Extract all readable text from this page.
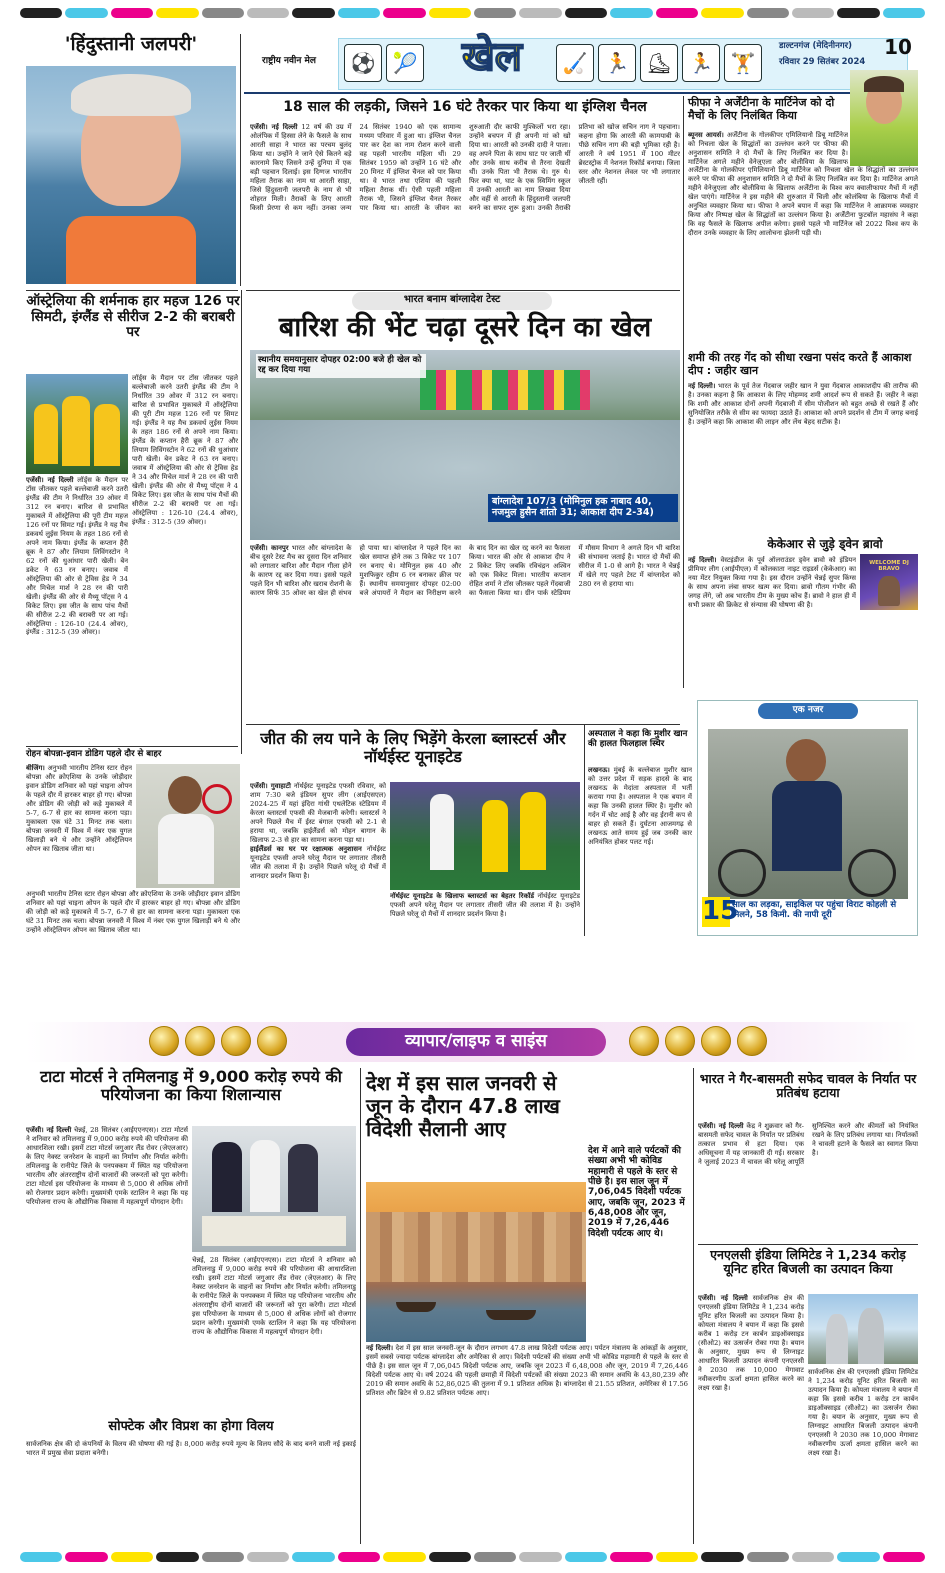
'हिंदुस्तानी जलपरी'
राष्ट्रीय नवीन मेल	⚽ 🎾	खेल	🏑 🏃 ⛸ 🏃 🏋
डाल्टनगंज (मेदिनीनगर)
रविवार 29 सितंबर 2024
10
18 साल की लड़की, जिसने 16 घंटे तैरकर पार किया था इंग्लिश चैनल
एजेंसी। नई दिल्ली 12 वर्ष की उम्र में ओलंपिक में हिस्सा लेने के फैसले के साथ आरती साहा ने भारत का परचम बुलंद किया था। उन्होंने ने जाने ऐसे कितने बड़े कारनामे किए जिसने उन्हें दुनिया में एक बड़ी पहचान दिलाई। इस दिग्गज भारतीय महिला तैराक का नाम था आरती साहा, जिसे हिंदुस्तानी जलपरी के नाम से भी शोहरत मिली। तैराकों के लिए आरती किसी प्रेरणा से कम नहीं। उनका जन्म 24 सितंबर 1940 को एक सामान्य मध्यम परिवार में हुआ था। इंग्लिश चैनल पार कर देश का नाम रोशन करने वाली वह पहली भारतीय महिला थीं। 29 सितंबर 1959 को उन्होंने 16 घंटे और 20 मिनट में इंग्लिश चैनल को पार किया था। वे भारत तथा एशिया की पहली महिला तैराक थीं। ऐसी पहली महिला तैराक भी, जिसने इंग्लिश चैनल तैरकर पार किया था। आरती के जीवन का शुरुआती दौर काफी मुश्किलों भरा रहा। उन्होंने बचपन में ही अपनी मां को खो दिया था। आरती को उनकी दादी ने पाला। वह अपने पिता के साथ घाट पर जाती थीं और उनके साथ करीब से तैरना देखती थीं। उनके पिता भी तैराक थे। गुरु थे। फिर क्या था, घाट के एक स्विमिंग स्कूल में उनकी आरती का नाम लिखवा दिया और वहीं से आरती के हिंदुस्तानी जलपरी बनने का सफर शुरू हुआ। उनकी तैराकी प्रतिभा को खोज सचिन नाग ने पहचाना। कहना होगा कि आरती की कामयाबी के पीछे सचिन नाग की बड़ी भूमिका रही है। आरती ने वर्ष 1951 में 100 मीटर ब्रेस्टस्ट्रोक में नेशनल रिकॉर्ड बनाया। जिला स्तर और नेशनल लेवल पर भी लगातार जीतती रहीं।
फीफा ने अर्जेंटीना के मार्टिनेज को दो मैचों के लिए निलंबित किया
ब्यूनस आयर्स। अर्जेंटीना के गोलकीपर एमिलियानो डिबू मार्टिनेज को निचला खेल के सिद्धांतों का उल्लंघन करने पर फीफा की अनुशासन समिति ने दो मैचों के लिए निलंबित कर दिया है। मार्टिनेज अगले महीने वेनेजुएला और बोलीविया के खिलाफ
अर्जेंटीना के गोलकीपर एमिलियानो डिबू मार्टिनेज को निचला खेल के सिद्धांतों का उल्लंघन करने पर फीफा की अनुशासन समिति ने दो मैचों के लिए निलंबित कर दिया है। मार्टिनेज अगले महीने वेनेजुएला और बोलीविया के खिलाफ अर्जेंटीना के विश्व कप क्वालीफायर मैचों में नहीं खेल पाएंगे। मार्टिनेज ने इस महीने की शुरुआत में चिली और कोलंबिया के खिलाफ मैचों में अनुचित व्यवहार किया था। फीफा ने अपने बयान में कहा कि मार्टिनेज ने आक्रामक व्यवहार किया और निष्पक्ष खेल के सिद्धांतों का उल्लंघन किया है। अर्जेंटीना फुटबॉल महासंघ ने कहा कि वह फैसले के खिलाफ अपील करेगा। इससे पहले भी मार्टिनेज को 2022 विश्व कप के दौरान उनके व्यवहार के लिए आलोचना झेलनी पड़ी थी।
शमी की तरह गेंद को सीधा रखना पसंद करते हैं आकाश दीप : जहीर खान
नई दिल्ली। भारत के पूर्व तेज गेंदबाज जहीर खान ने युवा गेंदबाज आकाशदीप की तारीफ की है। उनका कहना है कि आकाश के लिए मोहम्मद शमी आदर्श रूप से सकते हैं। जहीर ने कहा कि शमी और आकाश दोनों अपनी गेंदबाजी में सीम पोजीशन को बहुत अच्छे से रखते हैं और सुनियोजित तरीके से सीम का फायदा उठाते हैं। आकाश को अपने प्रदर्शन से टीम में जगह बनाई है। उन्होंने कहा कि आकाश की लाइन और लेंथ बेहद सटीक है।
केकेआर से जुड़े ड्वेन ब्रावो
WELCOME DJ BRAVO
नई दिल्ली। वेस्टइंडीज के पूर्व ऑलराउंडर ड्वेन ब्रावो को इंडियन प्रीमियर लीग (आईपीएल) में कोलकाता नाइट राइडर्स (केकेआर) का नया मेंटर नियुक्त किया गया है। इस दौरान उन्होंने चेन्नई सुपर किंग्स के साथ अपना लंबा सफर खत्म कर दिया। ब्रावो गौतम गंभीर की जगह लेंगे, जो अब भारतीय टीम के मुख्य कोच हैं। ब्रावो ने हाल ही में सभी प्रकार की क्रिकेट से संन्यास की घोषणा की है।
ऑस्ट्रेलिया की शर्मनाक हार महज 126 पर सिमटी, इंग्लैंड से सीरीज 2-2 की बराबरी पर
लॉर्ड्स के मैदान पर टॉस जीतकर पहले बल्लेबाजी करने उतरी इंग्लैंड की टीम ने निर्धारित 39 ओवर में 312 रन बनाए। बारिश से प्रभावित मुकाबले में ऑस्ट्रेलिया की पूरी टीम महज 126 रनों पर सिमट गई। इंग्लैंड ने यह मैच डकवर्थ लुईस नियम के तहत 186 रनों से अपने नाम किया। इंग्लैंड के कप्तान हैरी ब्रूक ने 87 और लियाम लिविंगस्टोन ने 62 रनों की धुआंधार पारी खेली। बेन डकेट ने 63 रन बनाए। जवाब में ऑस्ट्रेलिया की ओर से ट्रेविस हेड ने 34 और मिचेल मार्श ने 28 रन की पारी खेली। इंग्लैंड की ओर से मैथ्यू पॉट्स ने 4 विकेट लिए। इस जीत के साथ पांच मैचों की सीरीज 2-2 की बराबरी पर आ गई। ऑस्ट्रेलिया : 126-10 (24.4 ओवर), इंग्लैंड : 312-5 (39 ओवर)।
एजेंसी। नई दिल्ली लॉर्ड्स के मैदान पर टॉस जीतकर पहले बल्लेबाजी करने उतरी इंग्लैंड की टीम ने निर्धारित 39 ओवर में 312 रन बनाए। बारिश से प्रभावित मुकाबले में ऑस्ट्रेलिया की पूरी टीम महज 126 रनों पर सिमट गई। इंग्लैंड ने यह मैच डकवर्थ लुईस नियम के तहत 186 रनों से अपने नाम किया। इंग्लैंड के कप्तान हैरी ब्रूक ने 87 और लियाम लिविंगस्टोन ने 62 रनों की धुआंधार पारी खेली। बेन डकेट ने 63 रन बनाए। जवाब में ऑस्ट्रेलिया की ओर से ट्रेविस हेड ने 34 और मिचेल मार्श ने 28 रन की पारी खेली। इंग्लैंड की ओर से मैथ्यू पॉट्स ने 4 विकेट लिए। इस जीत के साथ पांच मैचों की सीरीज 2-2 की बराबरी पर आ गई। ऑस्ट्रेलिया : 126-10 (24.4 ओवर), इंग्लैंड : 312-5 (39 ओवर)।
रोहन बोपन्ना-इवान डोडिग पहले दौर से बाहर
बीजिंग। अनुभवी भारतीय टेनिस स्टार रोहन बोपन्ना और क्रोएशिया के उनके जोड़ीदार इवान डोडिग शनिवार को यहां चाइना ओपन के पहले दौर में हारकर बाहर हो गए। बोपन्ना और डोडिग की जोड़ी को कड़े मुकाबले में 5-7, 6-7 से हार का सामना करना पड़ा। मुकाबला एक घंटे 31 मिनट तक चला। बोपन्ना जनवरी में विश्व में नंबर एक युगल खिलाड़ी बने थे और उन्होंने ऑस्ट्रेलियन ओपन का खिताब जीता था।
अनुभवी भारतीय टेनिस स्टार रोहन बोपन्ना और क्रोएशिया के उनके जोड़ीदार इवान डोडिग शनिवार को यहां चाइना ओपन के पहले दौर में हारकर बाहर हो गए। बोपन्ना और डोडिग की जोड़ी को कड़े मुकाबले में 5-7, 6-7 से हार का सामना करना पड़ा। मुकाबला एक घंटे 31 मिनट तक चला। बोपन्ना जनवरी में विश्व में नंबर एक युगल खिलाड़ी बने थे और उन्होंने ऑस्ट्रेलियन ओपन का खिताब जीता था।
भारत बनाम बांग्लादेश टेस्ट
बारिश की भेंट चढ़ा दूसरे दिन का खेल
स्थानीय समयानुसार दोपहर 02:00 बजे ही खेल को रद्द कर दिया गया
बांग्लादेश 107/3 (मोमिनुल हक नाबाद 40, नजमुल हुसैन शांतो 31; आकाश दीप 2-34)
एजेंसी। कानपुर भारत और बांग्लादेश के बीच दूसरे टेस्ट मैच का दूसरा दिन शनिवार को लगातार बारिश और मैदान गीला होने के कारण रद्द कर दिया गया। इससे पहले पहले दिन भी बारिश और खराब रोशनी के कारण सिर्फ 35 ओवर का खेल ही संभव हो पाया था। बांग्लादेश ने पहले दिन का खेल समाप्त होने तक 3 विकेट पर 107 रन बनाए थे। मोमिनुल हक 40 और मुशफिकुर रहीम 6 रन बनाकर क्रीज पर हैं। स्थानीय समयानुसार दोपहर 02:00 बजे अंपायरों ने मैदान का निरीक्षण करने के बाद दिन का खेल रद्द करने का फैसला किया। भारत की ओर से आकाश दीप ने 2 विकेट लिए जबकि रविचंद्रन अश्विन को एक विकेट मिला। भारतीय कप्तान रोहित शर्मा ने टॉस जीतकर पहले गेंदबाजी का फैसला किया था। ग्रीन पार्क स्टेडियम में मौसम विभाग ने अगले दिन भी बारिश की संभावना जताई है। भारत दो मैचों की सीरीज में 1-0 से आगे है। भारत ने चेन्नई में खेले गए पहले टेस्ट में बांग्लादेश को 280 रन से हराया था।
जीत की लय पाने के लिए भिड़ेंगे केरला ब्लास्टर्स और नॉर्थईस्ट यूनाइटेड
एजेंसी। गुवाहाटी नॉर्थईस्ट यूनाइटेड एफसी रविवार, को शाम 7:30 बजे इंडियन सुपर लीग (आईएसएल) 2024-25 में यहां इंदिरा गांधी एथलेटिक स्टेडियम में केरला ब्लास्टर्स एफसी की मेजबानी करेगी। ब्लास्टर्स ने अपने पिछले मैच में ईस्ट बंगाल एफसी को 2-1 से हराया था, जबकि हाईलैंडर्स को मोहन बागान के खिलाफ 2-3 से हार का सामना करना पड़ा था।
हाईलैंडर्स का घर पर रक्षात्मक अनुशासन नॉर्थईस्ट यूनाइटेड एफसी अपने घरेलू मैदान पर लगातार तीसरी जीत की तलाश में है। उन्होंने पिछले घरेलू दो मैचों में शानदार प्रदर्शन किया है।
नॉर्थईस्ट यूनाइटेड के खिलाफ ब्लास्टर्स का बेहतर रिकॉर्ड नॉर्थईस्ट यूनाइटेड एफसी अपने घरेलू मैदान पर लगातार तीसरी जीत की तलाश में है। उन्होंने पिछले घरेलू दो मैचों में शानदार प्रदर्शन किया है।
अस्पताल ने कहा कि मुशीर खान की हालत फिलहाल स्थिर
लखनऊ। मुंबई के बल्लेबाज मुशीर खान को उत्तर प्रदेश में सड़क हादसे के बाद लखनऊ के मेदांता अस्पताल में भर्ती कराया गया है। अस्पताल ने एक बयान में कहा कि उनकी हालत स्थिर है। मुशीर को गर्दन में चोट आई है और वह ईरानी कप से बाहर हो सकते हैं। दुर्घटना आजमगढ़ से लखनऊ आते समय हुई जब उनकी कार अनियंत्रित होकर पलट गई।
एक नजर
15
साल का लड़का, साइकिल पर पहुंचा विराट कोहली से मिलने, 58 किमी. की नापी दूरी
व्यापार/लाइफ व साइंस
टाटा मोटर्स ने तमिलनाडु में 9,000 करोड़ रुपये की परियोजना का किया शिलान्यास
एजेंसी। नई दिल्ली चेन्नई, 28 सितंबर (आईएएनएस)। टाटा मोटर्स ने शनिवार को तमिलनाडु में 9,000 करोड़ रुपये की परियोजना की आधारशिला रखी। इसमें टाटा मोटर्स जगुआर लैंड रोवर (जेएलआर) के लिए नेक्स्ट जनरेशन के वाहनों का निर्माण और निर्यात करेगी। तमिलनाडु के रानीपेट जिले के पनपक्कम में स्थित यह परियोजना भारतीय और अंतरराष्ट्रीय दोनों बाजारों की जरूरतों को पूरा करेगी। टाटा मोटर्स इस परियोजना के माध्यम से 5,000 से अधिक लोगों को रोजगार प्रदान करेगी। मुख्यमंत्री एमके स्टालिन ने कहा कि यह परियोजना राज्य के औद्योगिक विकास में महत्वपूर्ण योगदान देगी।
चेन्नई, 28 सितंबर (आईएएनएस)। टाटा मोटर्स ने शनिवार को तमिलनाडु में 9,000 करोड़ रुपये की परियोजना की आधारशिला रखी। इसमें टाटा मोटर्स जगुआर लैंड रोवर (जेएलआर) के लिए नेक्स्ट जनरेशन के वाहनों का निर्माण और निर्यात करेगी। तमिलनाडु के रानीपेट जिले के पनपक्कम में स्थित यह परियोजना भारतीय और अंतरराष्ट्रीय दोनों बाजारों की जरूरतों को पूरा करेगी। टाटा मोटर्स इस परियोजना के माध्यम से 5,000 से अधिक लोगों को रोजगार प्रदान करेगी। मुख्यमंत्री एमके स्टालिन ने कहा कि यह परियोजना राज्य के औद्योगिक विकास में महत्वपूर्ण योगदान देगी।
सोफ्टेक और विप्रश का होगा विलय
सार्वजनिक क्षेत्र की दो कंपनियों के विलय की घोषणा की गई है। 8,000 करोड़ रुपये मूल्य के विलय सौदे के बाद बनने वाली नई इकाई भारत में प्रमुख सेवा प्रदाता बनेगी।
देश में इस साल जनवरी से जून के दौरान 47.8 लाख विदेशी सैलानी आए
देश में आने वाले पर्यटकों की संख्या अभी भी कोविड महामारी से पहले के स्तर से पीछे है। इस साल जून में 7,06,045 विदेशी पर्यटक आए, जबकि जून, 2023 में 6,48,008 और जून, 2019 में 7,26,446 विदेशी पर्यटक आए थे।
नई दिल्ली। देश में इस साल जनवरी-जून के दौरान लगभग 47.8 लाख विदेशी पर्यटक आए। पर्यटन मंत्रालय के आंकड़ों के अनुसार, इसमें सबसे ज्यादा पर्यटक बांग्लादेश और अमेरिका से आए। विदेशी पर्यटकों की संख्या अभी भी कोविड महामारी से पहले के स्तर से पीछे है। इस साल जून में 7,06,045 विदेशी पर्यटक आए, जबकि जून 2023 में 6,48,008 और जून, 2019 में 7,26,446 विदेशी पर्यटक आए थे। वर्ष 2024 की पहली छमाही में विदेशी पर्यटकों की संख्या 2023 की समान अवधि के 43,80,239 और 2019 की समान अवधि के 52,86,025 की तुलना में 9.1 प्रतिशत अधिक है। बांग्लादेश से 21.55 प्रतिशत, अमेरिका से 17.56 प्रतिशत और ब्रिटेन से 9.82 प्रतिशत पर्यटक आए।
भारत ने गैर-बासमती सफेद चावल के निर्यात पर प्रतिबंध हटाया
एजेंसी। नई दिल्ली केंद्र ने शुक्रवार को गैर-बासमती सफेद चावल के निर्यात पर प्रतिबंध तत्काल प्रभाव से हटा दिया। एक अधिसूचना में यह जानकारी दी गई। सरकार ने जुलाई 2023 में चावल की घरेलू आपूर्ति सुनिश्चित करने और कीमतों को नियंत्रित रखने के लिए प्रतिबंध लगाया था। निर्यातकों ने चावली हटाने के फैसले का स्वागत किया है।
एनएलसी इंडिया लिमिटेड ने 1,234 करोड़ यूनिट हरित बिजली का उत्पादन किया
एजेंसी। नई दिल्ली सार्वजनिक क्षेत्र की एनएलसी इंडिया लिमिटेड ने 1,234 करोड़ यूनिट हरित बिजली का उत्पादन किया है। कोयला मंत्रालय ने बयान में कहा कि इससे करीब 1 करोड़ टन कार्बन डाइऑक्साइड (सीओ2) का उत्सर्जन रोका गया है। बयान के अनुसार, मुख्य रूप से लिग्नाइट आधारित बिजली उत्पादन कंपनी एनएलसी ने 2030 तक 10,000 मेगावाट नवीकरणीय ऊर्जा क्षमता हासिल करने का लक्ष्य रखा है।
सार्वजनिक क्षेत्र की एनएलसी इंडिया लिमिटेड ने 1,234 करोड़ यूनिट हरित बिजली का उत्पादन किया है। कोयला मंत्रालय ने बयान में कहा कि इससे करीब 1 करोड़ टन कार्बन डाइऑक्साइड (सीओ2) का उत्सर्जन रोका गया है। बयान के अनुसार, मुख्य रूप से लिग्नाइट आधारित बिजली उत्पादन कंपनी एनएलसी ने 2030 तक 10,000 मेगावाट नवीकरणीय ऊर्जा क्षमता हासिल करने का लक्ष्य रखा है।
